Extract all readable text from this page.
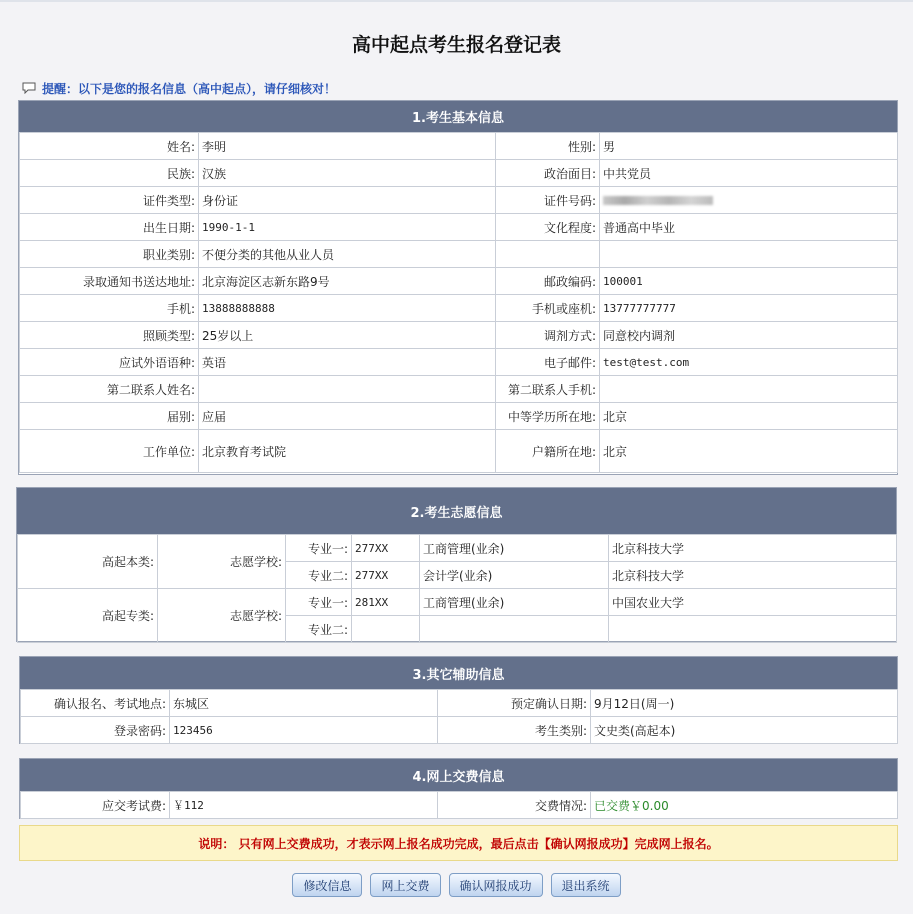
高中起点考生报名登记表
提醒：以下是您的报名信息（高中起点），请仔细核对！
1.考生基本信息
姓名:	李明	性别:	男
民族:	汉族	政治面目:	中共党员
证件类型:	身份证	证件号码:	
出生日期:	1990-1-1	文化程度:	普通高中毕业
职业类别:	不便分类的其他从业人员		
录取通知书送达地址:	北京海淀区志新东路9号	邮政编码:	100001
手机:	13888888888	手机或座机:	13777777777
照顾类型:	25岁以上	调剂方式:	同意校内调剂
应试外语语种:	英语	电子邮件:	test@test.com
第二联系人姓名:		第二联系人手机:	
届别:	应届	中等学历所在地:	北京
工作单位:	北京教育考试院	户籍所在地:	北京
2.考生志愿信息
高起本类:	志愿学校:	专业一:	277XX	工商管理(业余)	北京科技大学
		专业二:	277XX	会计学(业余)	北京科技大学
高起专类:	志愿学校:	专业一:	281XX	工商管理(业余)	中国农业大学
		专业二:			
3.其它辅助信息
确认报名、考试地点:	东城区	预定确认日期:	9月12日(周一)
登录密码:	123456	考生类别:	文史类(高起本)
4.网上交费信息
应交考试费:	￥112	交费情况:	已交费￥0.00
说明： 只有网上交费成功，才表示网上报名成功完成，最后点击【确认网报成功】完成网上报名。
修改信息	网上交费	确认网报成功	退出系统
